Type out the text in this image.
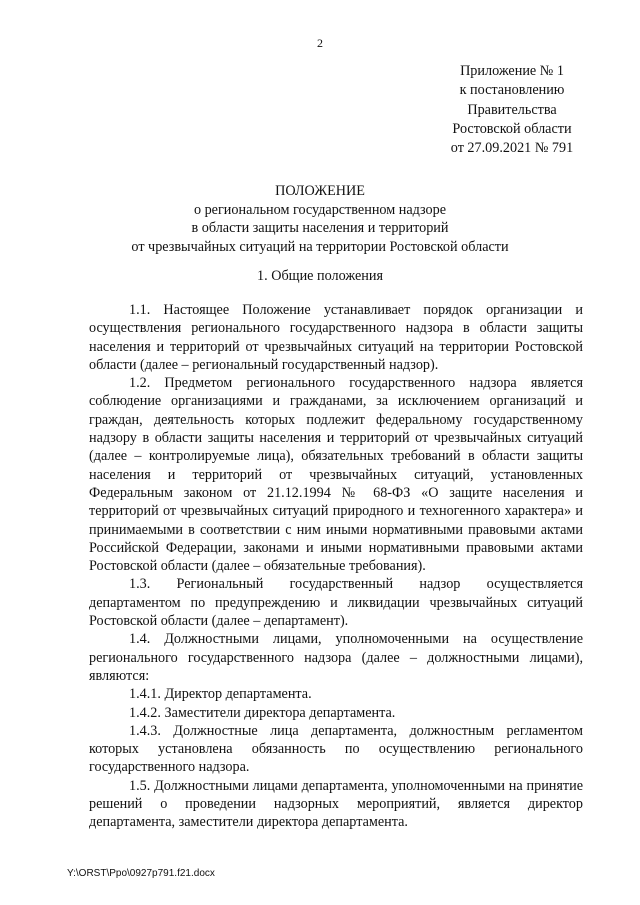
2
Приложение № 1
к постановлению
Правительства
Ростовской области
от 27.09.2021 № 791
ПОЛОЖЕНИЕ
о региональном государственном надзоре
в области защиты населения и территорий
от чрезвычайных ситуаций на территории Ростовской области
1. Общие положения

1.1. Настоящее Положение устанавливает порядок организации и осуществления регионального государственного надзора в области защиты населения и территорий от чрезвычайных ситуаций на территории Ростовской области (далее – региональный государственный надзор).

1.2. Предметом регионального государственного надзора является соблюдение организациями и гражданами, за исключением организаций и граждан, деятельность которых подлежит федеральному государственному надзору в области защиты населения и территорий от чрезвычайных ситуаций (далее – контролируемые лица), обязательных требований в области защиты населения и территорий от чрезвычайных ситуаций, установленных Федеральным законом от 21.12.1994 № 68-ФЗ «О защите населения и территорий от чрезвычайных ситуаций природного и техногенного характера» и принимаемыми в соответствии с ним иными нормативными правовыми актами Российской Федерации, законами и иными нормативными правовыми актами Ростовской области (далее – обязательные требования).

1.3. Региональный государственный надзор осуществляется департаментом по предупреждению и ликвидации чрезвычайных ситуаций Ростовской области (далее – департамент).

1.4. Должностными лицами, уполномоченными на осуществление регионального государственного надзора (далее – должностными лицами), являются:

1.4.1. Директор департамента.

1.4.2. Заместители директора департамента.

1.4.3. Должностные лица департамента, должностным регламентом которых установлена обязанность по осуществлению регионального государственного надзора.

1.5. Должностными лицами департамента, уполномоченными на принятие решений о проведении надзорных мероприятий, является директор департамента, заместители директора департамента.

Y:\ORST\Ppo\0927p791.f21.docx
